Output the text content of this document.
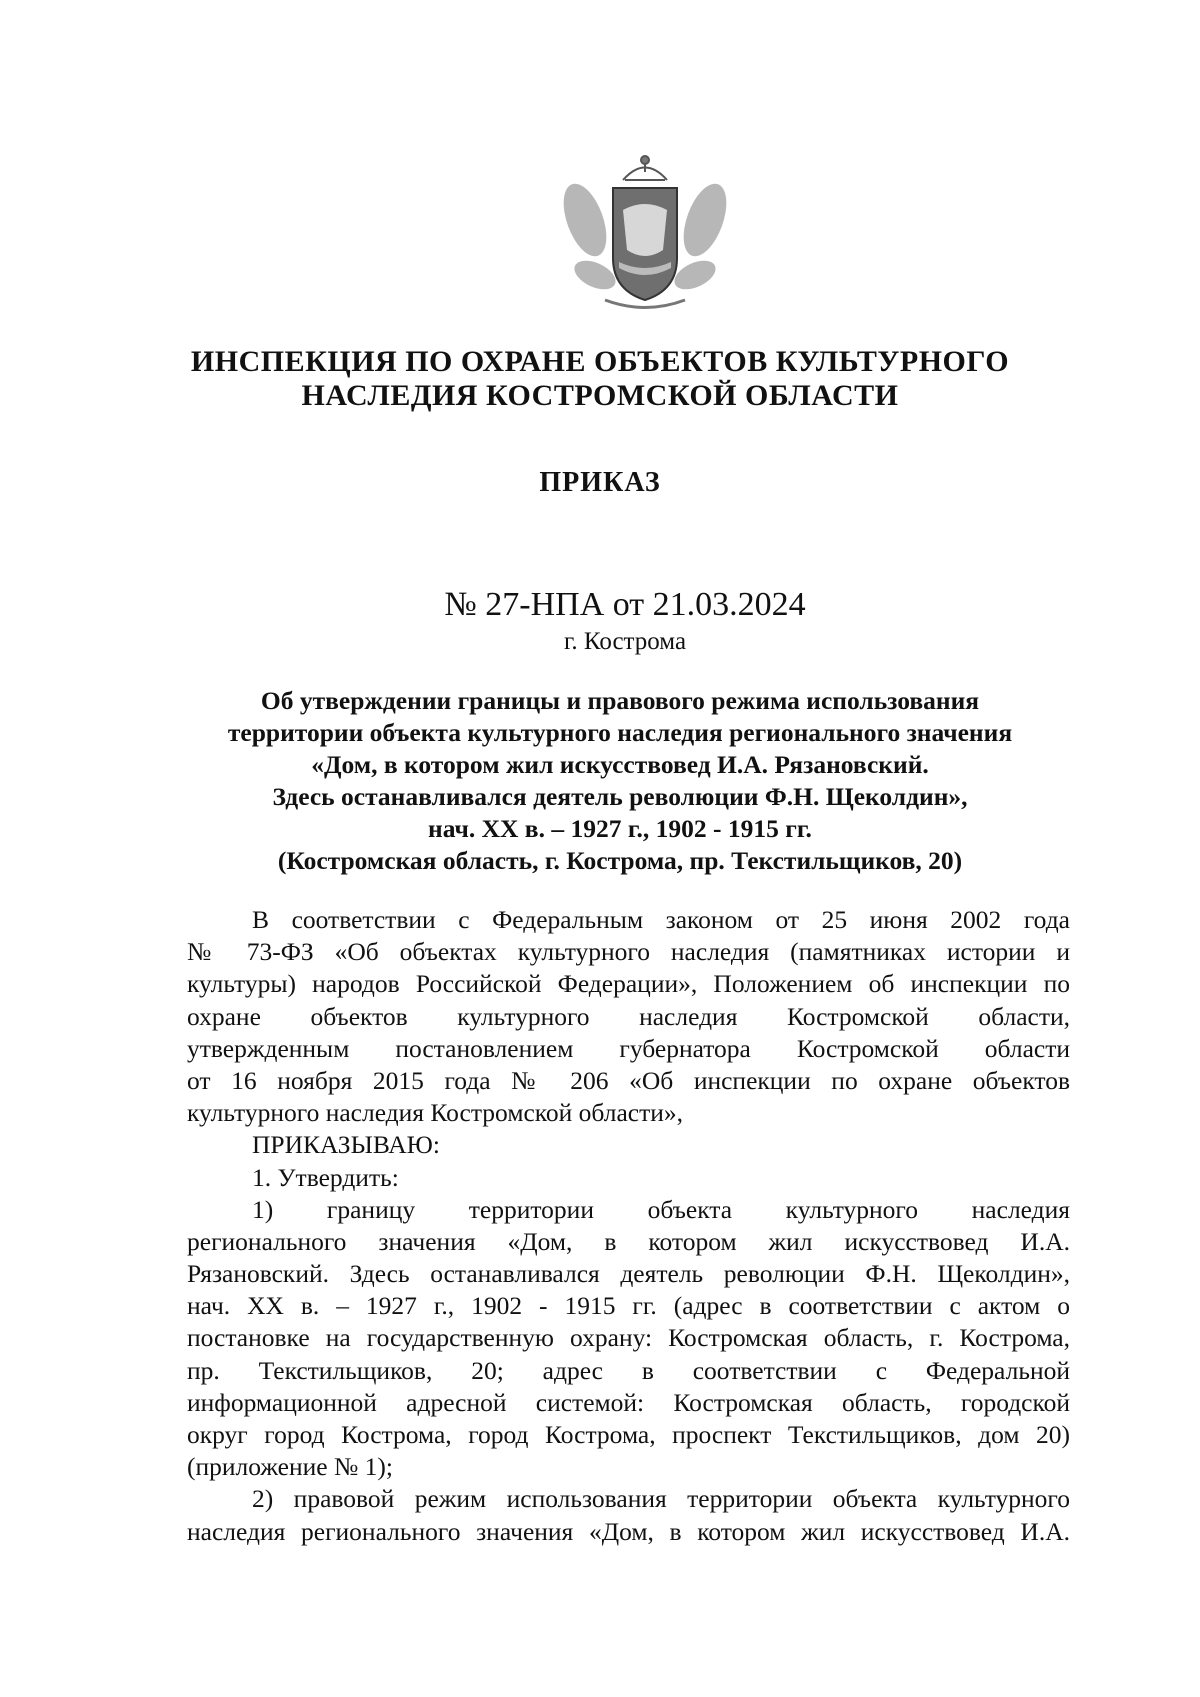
ИНСПЕКЦИЯ ПО ОХРАНЕ ОБЪЕКТОВ КУЛЬТУРНОГО
НАСЛЕДИЯ КОСТРОМСКОЙ ОБЛАСТИ
ПРИКАЗ
№ 27-НПА от 21.03.2024
г. Кострома
Об утверждении границы и правового режима использования
территории объекта культурного наследия регионального значения
«Дом, в котором жил искусствовед И.А. Рязановский.
Здесь останавливался деятель революции Ф.Н. Щеколдин»,
нач. XX в. – 1927 г., 1902 - 1915 гг.
(Костромская область, г. Кострома, пр. Текстильщиков, 20)
В соответствии с Федеральным законом от 25 июня 2002 года
№ 73-ФЗ «Об объектах культурного наследия (памятниках истории и
культуры) народов Российской Федерации», Положением об инспекции по
охране объектов культурного наследия Костромской области,
утвержденным постановлением губернатора Костромской области
от 16 ноября 2015 года № 206 «Об инспекции по охране объектов
культурного наследия Костромской области»,
ПРИКАЗЫВАЮ:
1. Утвердить:
1) границу территории объекта культурного наследия
регионального значения «Дом, в котором жил искусствовед И.А.
Рязановский. Здесь останавливался деятель революции Ф.Н. Щеколдин»,
нач. XX в. – 1927 г., 1902 - 1915 гг. (адрес в соответствии с актом о
постановке на государственную охрану: Костромская область, г. Кострома,
пр. Текстильщиков, 20; адрес в соответствии с Федеральной
информационной адресной системой: Костромская область, городской
округ город Кострома, город Кострома, проспект Текстильщиков, дом 20)
(приложение № 1);
2) правовой режим использования территории объекта культурного
наследия регионального значения «Дом, в котором жил искусствовед И.А.
